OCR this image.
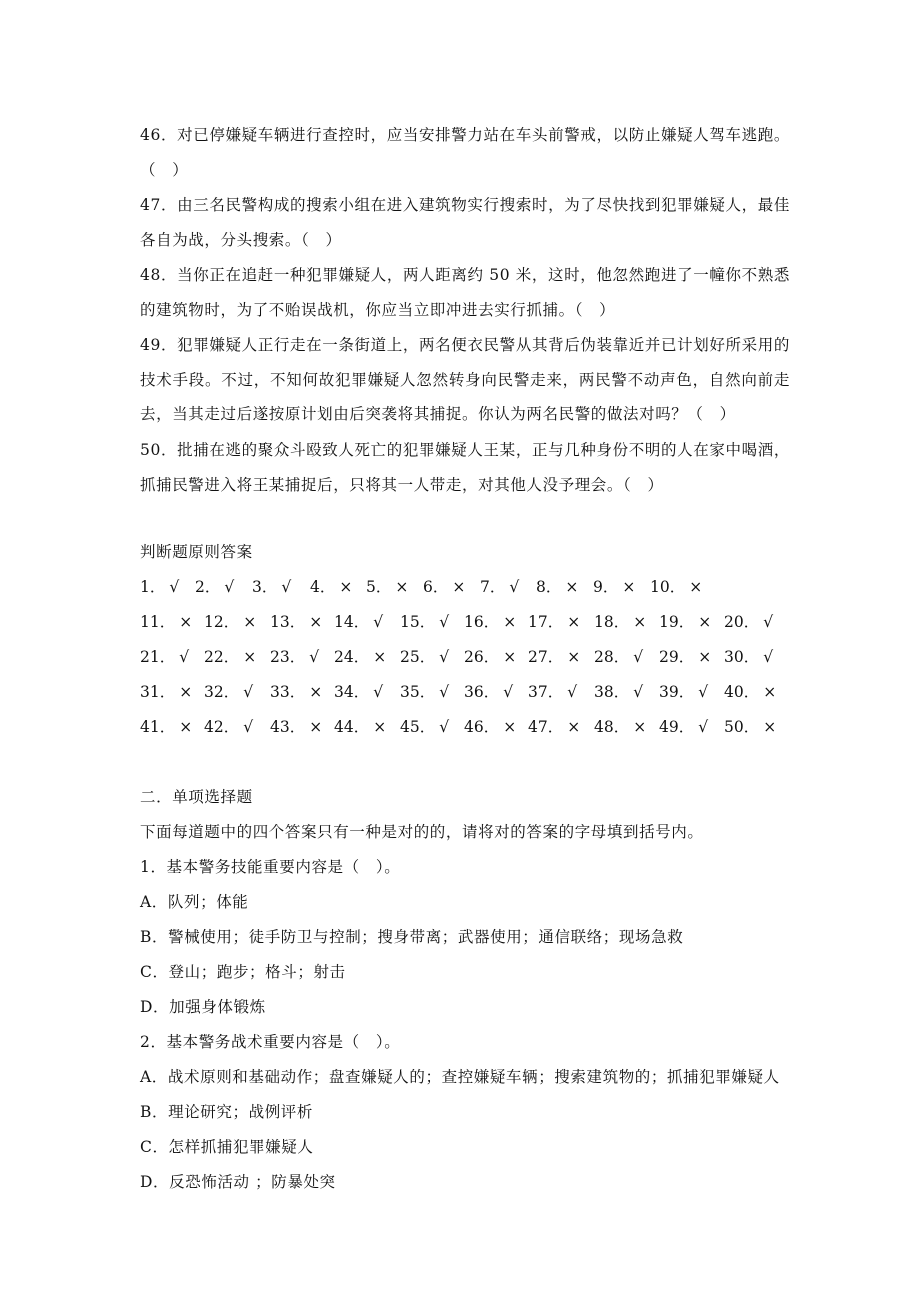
46．对已停嫌疑车辆进行查控时，应当安排警力站在车头前警戒，以防止嫌疑人驾车逃跑。（　）

47．由三名民警构成的搜索小组在进入建筑物实行搜索时，为了尽快找到犯罪嫌疑人，最佳各自为战，分头搜索。（　）

48．当你正在追赶一种犯罪嫌疑人，两人距离约 50 米，这时，他忽然跑进了一幢你不熟悉的建筑物时，为了不贻误战机，你应当立即冲进去实行抓捕。（　）

49．犯罪嫌疑人正行走在一条街道上，两名便衣民警从其背后伪装靠近并已计划好所采用的技术手段。不过，不知何故犯罪嫌疑人忽然转身向民警走来，两民警不动声色，自然向前走去，当其走过后遂按原计划由后突袭将其捕捉。你认为两名民警的做法对吗？（　）

50．批捕在逃的聚众斗殴致人死亡的犯罪嫌疑人王某，正与几种身份不明的人在家中喝酒，抓捕民警进入将王某捕捉后，只将其一人带走，对其他人没予理会。（　）

判断题原则答案

1． √ 2． √ 3． √ 4． × 5． × 6． × 7． √ 8． × 9． × 10． ×
11． × 12． × 13． × 14． √ 15． √ 16． × 17． × 18． × 19． × 20． √
21． √ 22． × 23． √ 24． × 25． √ 26． × 27． × 28． √ 29． × 30． √
31． × 32． √ 33． × 34． √ 35． √ 36． √ 37． √ 38． √ 39． √ 40． ×
41． × 42． √ 43． × 44． × 45． √ 46． × 47． × 48． × 49． √ 50． ×

二．单项选择题

下面每道题中的四个答案只有一种是对的的，请将对的答案的字母填到括号内。

1．基本警务技能重要内容是（　）。

A．队列；体能

B．警械使用；徒手防卫与控制；搜身带离；武器使用；通信联络；现场急救

C．登山；跑步；格斗；射击

D．加强身体锻炼

2．基本警务战术重要内容是（　）。

A．战术原则和基础动作；盘查嫌疑人的；查控嫌疑车辆；搜索建筑物的；抓捕犯罪嫌疑人

B．理论研究；战例评析

C．怎样抓捕犯罪嫌疑人

D．反恐怖活动 ；防暴处突
